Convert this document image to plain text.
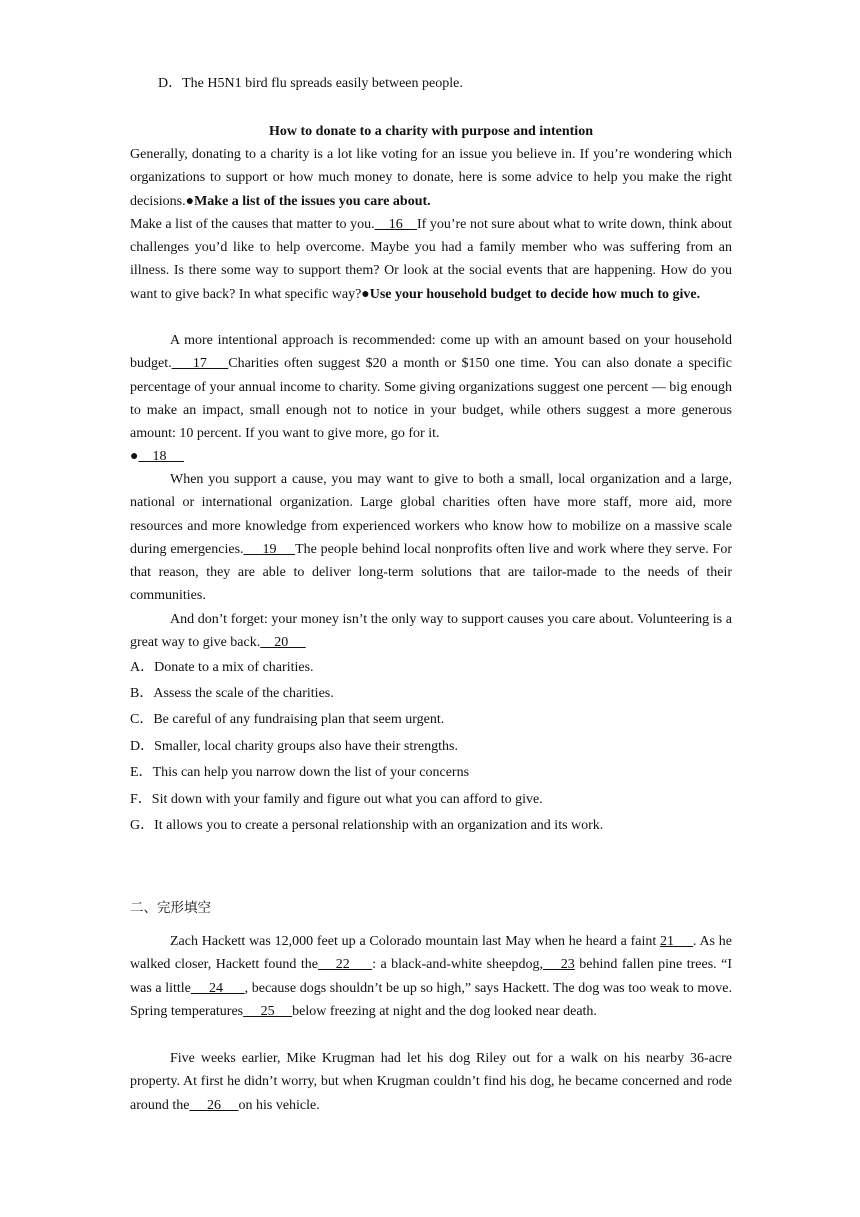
D．The H5N1 bird flu spreads easily between people.

How to donate to a charity with purpose and intention

Generally, donating to a charity is a lot like voting for an issue you believe in. If you’re wondering which organizations to support or how much money to donate, here is some advice to help you make the right decisions.●Make a list of the issues you care about.
Make a list of the causes that matter to you.    16    If you’re not sure about what to write down, think about challenges you’d like to help overcome. Maybe you had a family member who was suffering from an illness. Is there some way to support them? Or look at the social events that are happening. How do you want to give back? In what specific way?●Use your household budget to decide how much to give.

A more intentional approach is recommended: come up with an amount based on your household budget.    17    Charities often suggest $20 a month or $150 one time. You can also donate a specific percentage of your annual income to charity. Some giving organizations suggest one percent — big enough to make an impact, small enough not to notice in your budget, while others suggest a more generous amount: 10 percent. If you want to give more, go for it.

●    18

When you support a cause, you may want to give to both a small, local organization and a large, national or international organization. Large global charities often have more staff, more aid, more resources and more knowledge from experienced workers who know how to mobilize on a massive scale during emergencies.     19     The people behind local nonprofits often live and work where they serve. For that reason, they are able to deliver long-term solutions that are tailor-made to the needs of their communities.

And don’t forget: your money isn’t the only way to support causes you care about. Volunteering is a great way to give back.    20

A．Donate to a mix of charities.

B．Assess the scale of the charities.

C．Be careful of any fundraising plan that seem urgent.

D．Smaller, local charity groups also have their strengths.

E．This can help you narrow down the list of your concerns

F．Sit down with your family and figure out what you can afford to give.

G．It allows you to create a personal relationship with an organization and its work.

二、完形填空

Zach Hackett was 12,000 feet up a Colorado mountain last May when he heard a faint 21     . As he walked closer, Hackett found the    22     : a black-and-white sheepdog,    23 behind fallen pine trees. “I was a little     24      , because dogs shouldn’t be up so high,” says Hackett. The dog was too weak to move. Spring temperatures     25     below freezing at night and the dog looked near death.

Five weeks earlier, Mike Krugman had let his dog Riley out for a walk on his nearby 36-acre property. At first he didn’t worry, but when Krugman couldn’t find his dog, he became concerned and rode around the     26     on his vehicle.
